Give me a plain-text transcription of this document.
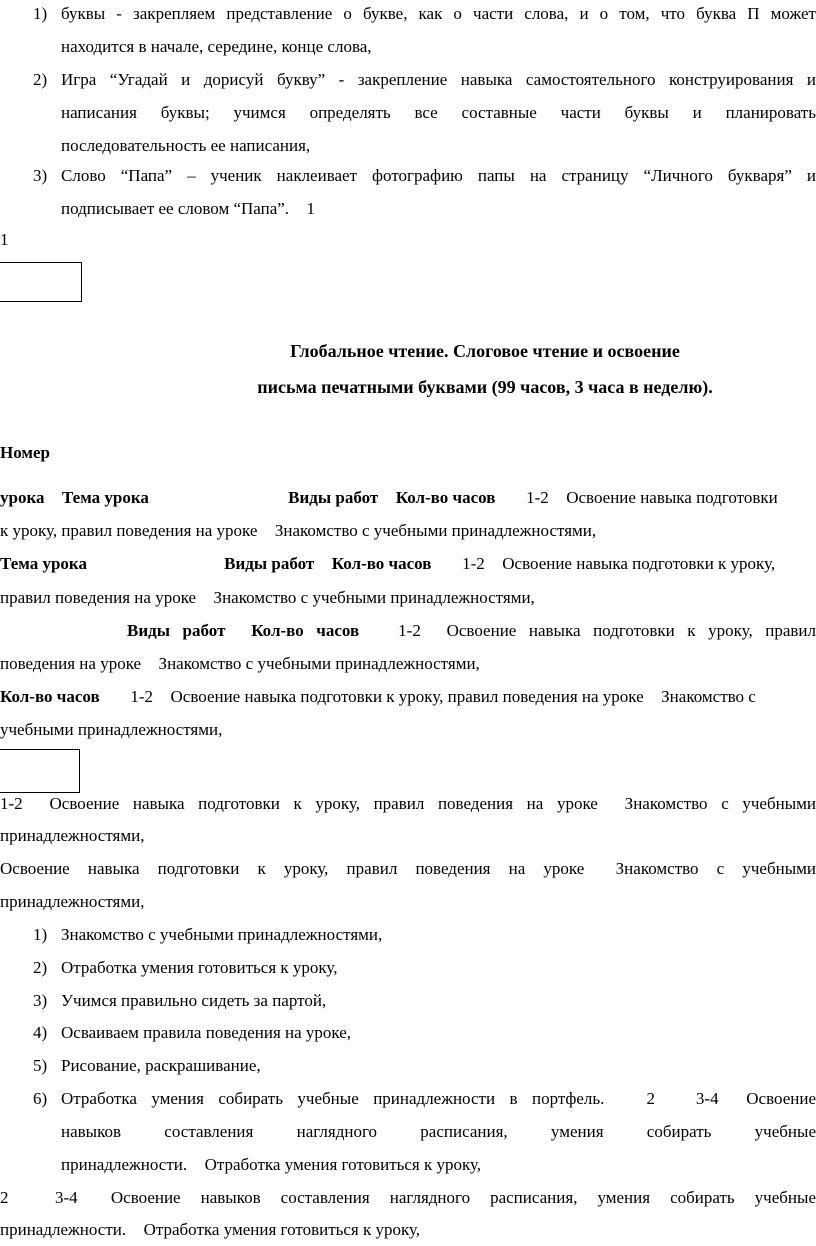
1) буквы - закрепляем представление о букве, как о части слова, и о том, что буква П может
находится в начале, середине, конце слова,
2) Игра “Угадай и дорисуй букву” - закрепление навыка самостоятельного конструирования и
написания буквы; учимся определять все составные части буквы и планировать
последовательность ее написания,
3) Слово “Папа” – ученик наклеивает фотографию папы на страницу “Личного букваря” и
подписывает ее словом “Папа”.  1   
1   
Глобальное чтение. Слоговое чтение и освоение
письма печатными буквами (99 часов, 3 часа в неделю).
Номер
урока  Тема урока 	Виды работ  Кол-во часов   1-2  Освоение навыка подготовки
к уроку, правил поведения на уроке  Знакомство с учебными принадлежностями,
Тема урока 	Виды работ  Кол-во часов   1-2  Освоение навыка подготовки к уроку,
правил поведения на уроке  Знакомство с учебными принадлежностями,
Виды работ  Кол-во часов   1-2  Освоение навыка подготовки к уроку, правил
поведения на уроке  Знакомство с учебными принадлежностями,
Кол-во часов   1-2  Освоение навыка подготовки к уроку, правил поведения на уроке  Знакомство с
учебными принадлежностями,
1-2  Освоение навыка подготовки к уроку, правил поведения на уроке  Знакомство с учебными
принадлежностями,
Освоение навыка подготовки к уроку, правил поведения на уроке  Знакомство с учебными
принадлежностями,
1) Знакомство с учебными принадлежностями,
2) Отработка умения готовиться к уроку,
3) Учимся правильно сидеть за партой,
4) Осваиваем правила поведения на уроке,
5) Рисование, раскрашивание,
6) Отработка умения собирать учебные принадлежности в портфель.   2   3-4  Освоение
навыков составления наглядного расписания, умения собирать учебные
принадлежности.  Отработка умения готовиться к уроку,
2   3-4  Освоение навыков составления наглядного расписания, умения собирать учебные
принадлежности.  Отработка умения готовиться к уроку,
